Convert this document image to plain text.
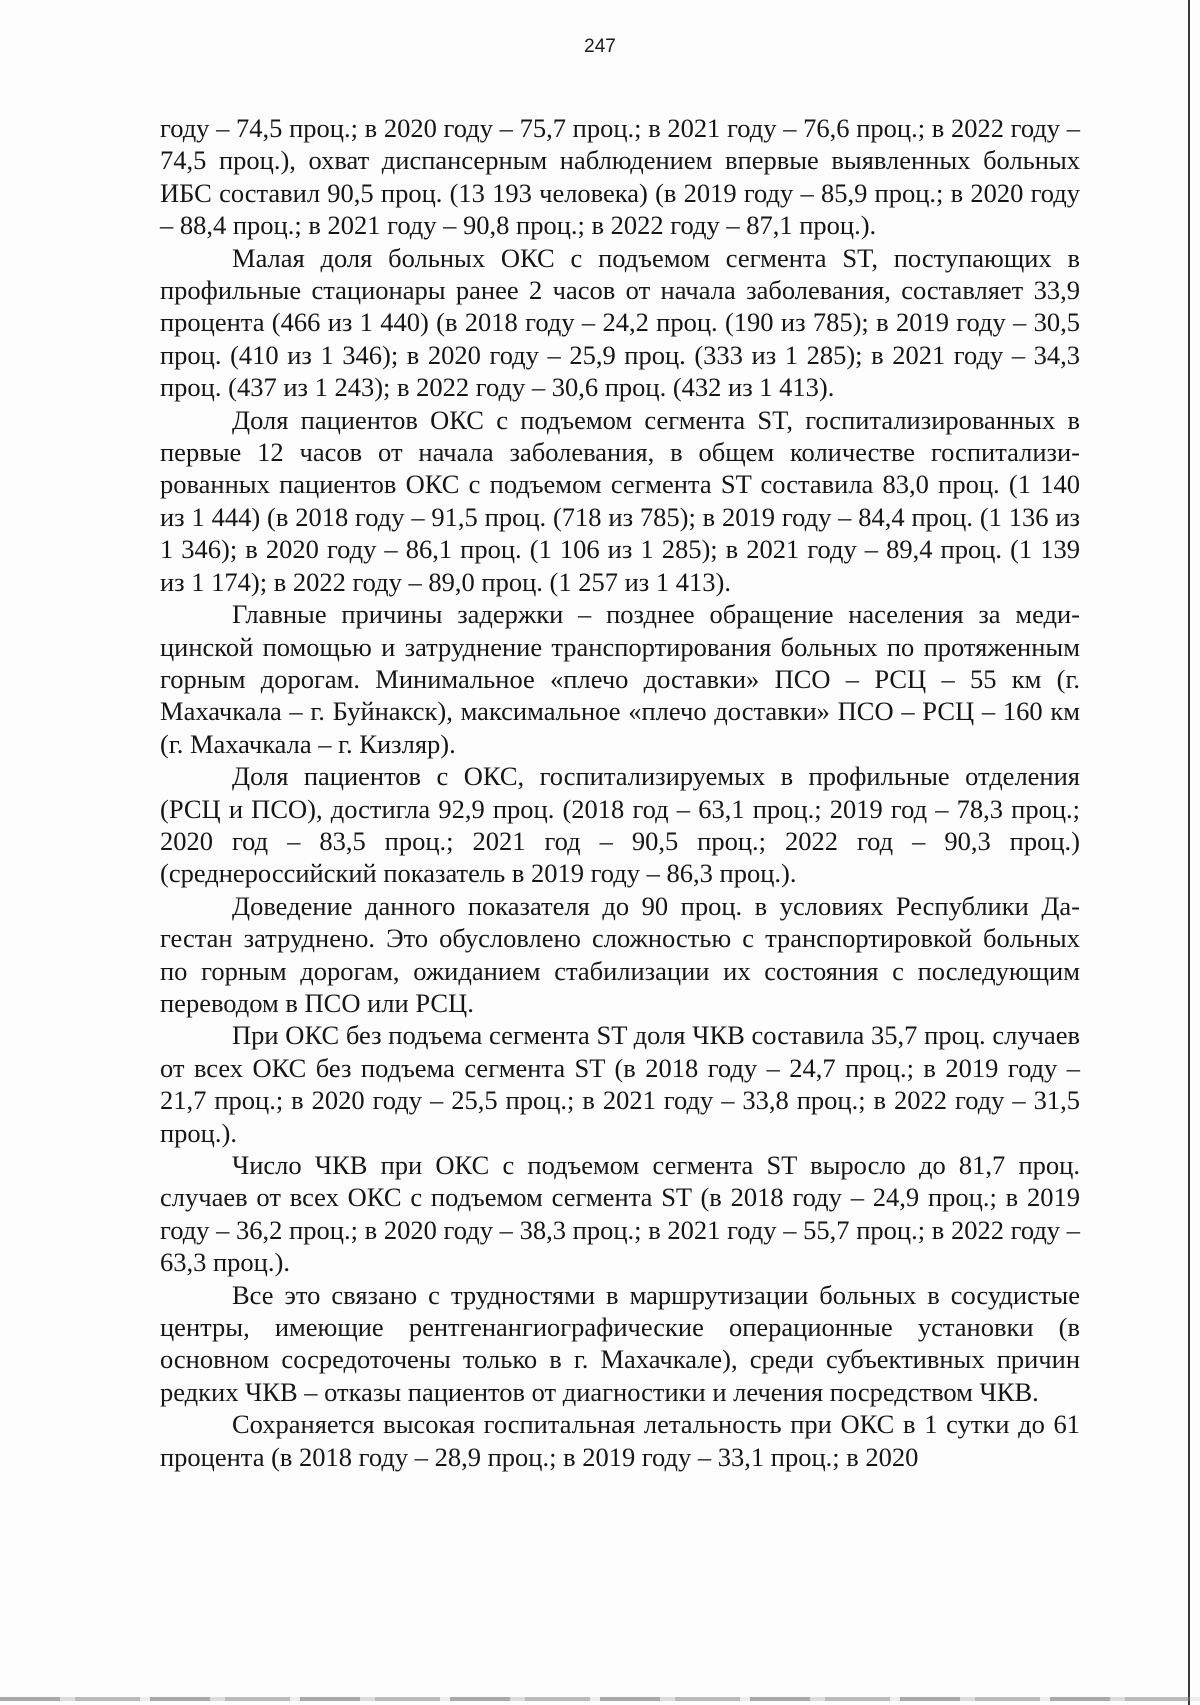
247

году – 74,5 проц.; в 2020 году – 75,7 проц.; в 2021 году – 76,6 проц.; в 2022 году – 74,5 проц.), охват диспансерным наблюдением впервые выявленных больных ИБС составил 90,5 проц. (13 193 человека) (в 2019 году – 85,9 проц.; в 2020 году – 88,4 проц.; в 2021 году – 90,8 проц.; в 2022 году – 87,1 проц.).

Малая доля больных ОКС с подъемом сегмента ST, поступающих в профильные стационары ранее 2 часов от начала заболевания, составляет 33,9 процента (466 из 1 440) (в 2018 году – 24,2 проц. (190 из 785); в 2019 году – 30,5 проц. (410 из 1 346); в 2020 году – 25,9 проц. (333 из 1 285); в 2021 году – 34,3 проц. (437 из 1 243); в 2022 году – 30,6 проц. (432 из 1 413).

Доля пациентов ОКС с подъемом сегмента ST, госпитализированных в первые 12 часов от начала заболевания, в общем количестве госпитализированных пациентов ОКС с подъемом сегмента ST составила 83,0 проц. (1 140 из 1 444) (в 2018 году – 91,5 проц. (718 из 785); в 2019 году – 84,4 проц. (1 136 из 1 346); в 2020 году – 86,1 проц. (1 106 из 1 285); в 2021 году – 89,4 проц. (1 139 из 1 174); в 2022 году – 89,0 проц. (1 257 из 1 413).

Главные причины задержки – позднее обращение населения за медицинской помощью и затруднение транспортирования больных по протяженным горным дорогам. Минимальное «плечо доставки» ПСО – РСЦ – 55 км (г. Махачкала – г. Буйнакск), максимальное «плечо доставки» ПСО – РСЦ – 160 км (г. Махачкала – г. Кизляр).

Доля пациентов с ОКС, госпитализируемых в профильные отделения (РСЦ и ПСО), достигла 92,9 проц. (2018 год – 63,1 проц.; 2019 год – 78,3 проц.; 2020 год – 83,5 проц.; 2021 год – 90,5 проц.; 2022 год – 90,3 проц.) (среднероссийский показатель в 2019 году – 86,3 проц.).

Доведение данного показателя до 90 проц. в условиях Республики Дагестан затруднено. Это обусловлено сложностью с транспортировкой больных по горным дорогам, ожиданием стабилизации их состояния с последующим переводом в ПСО или РСЦ.

При ОКС без подъема сегмента ST доля ЧКВ составила 35,7 проц. случаев от всех ОКС без подъема сегмента ST (в 2018 году – 24,7 проц.; в 2019 году – 21,7 проц.; в 2020 году – 25,5 проц.; в 2021 году – 33,8 проц.; в 2022 году – 31,5 проц.).

Число ЧКВ при ОКС с подъемом сегмента ST выросло до 81,7 проц. случаев от всех ОКС с подъемом сегмента ST (в 2018 году – 24,9 проц.; в 2019 году – 36,2 проц.; в 2020 году – 38,3 проц.; в 2021 году – 55,7 проц.; в 2022 году – 63,3 проц.).

Все это связано с трудностями в маршрутизации больных в сосудистые центры, имеющие рентгенангиографические операционные установки (в основном сосредоточены только в г. Махачкале), среди субъективных причин редких ЧКВ – отказы пациентов от диагностики и лечения посредством ЧКВ.

Сохраняется высокая госпитальная летальность при ОКС в 1 сутки до 61 процента (в 2018 году – 28,9 проц.; в 2019 году – 33,1 проц.; в 2020
